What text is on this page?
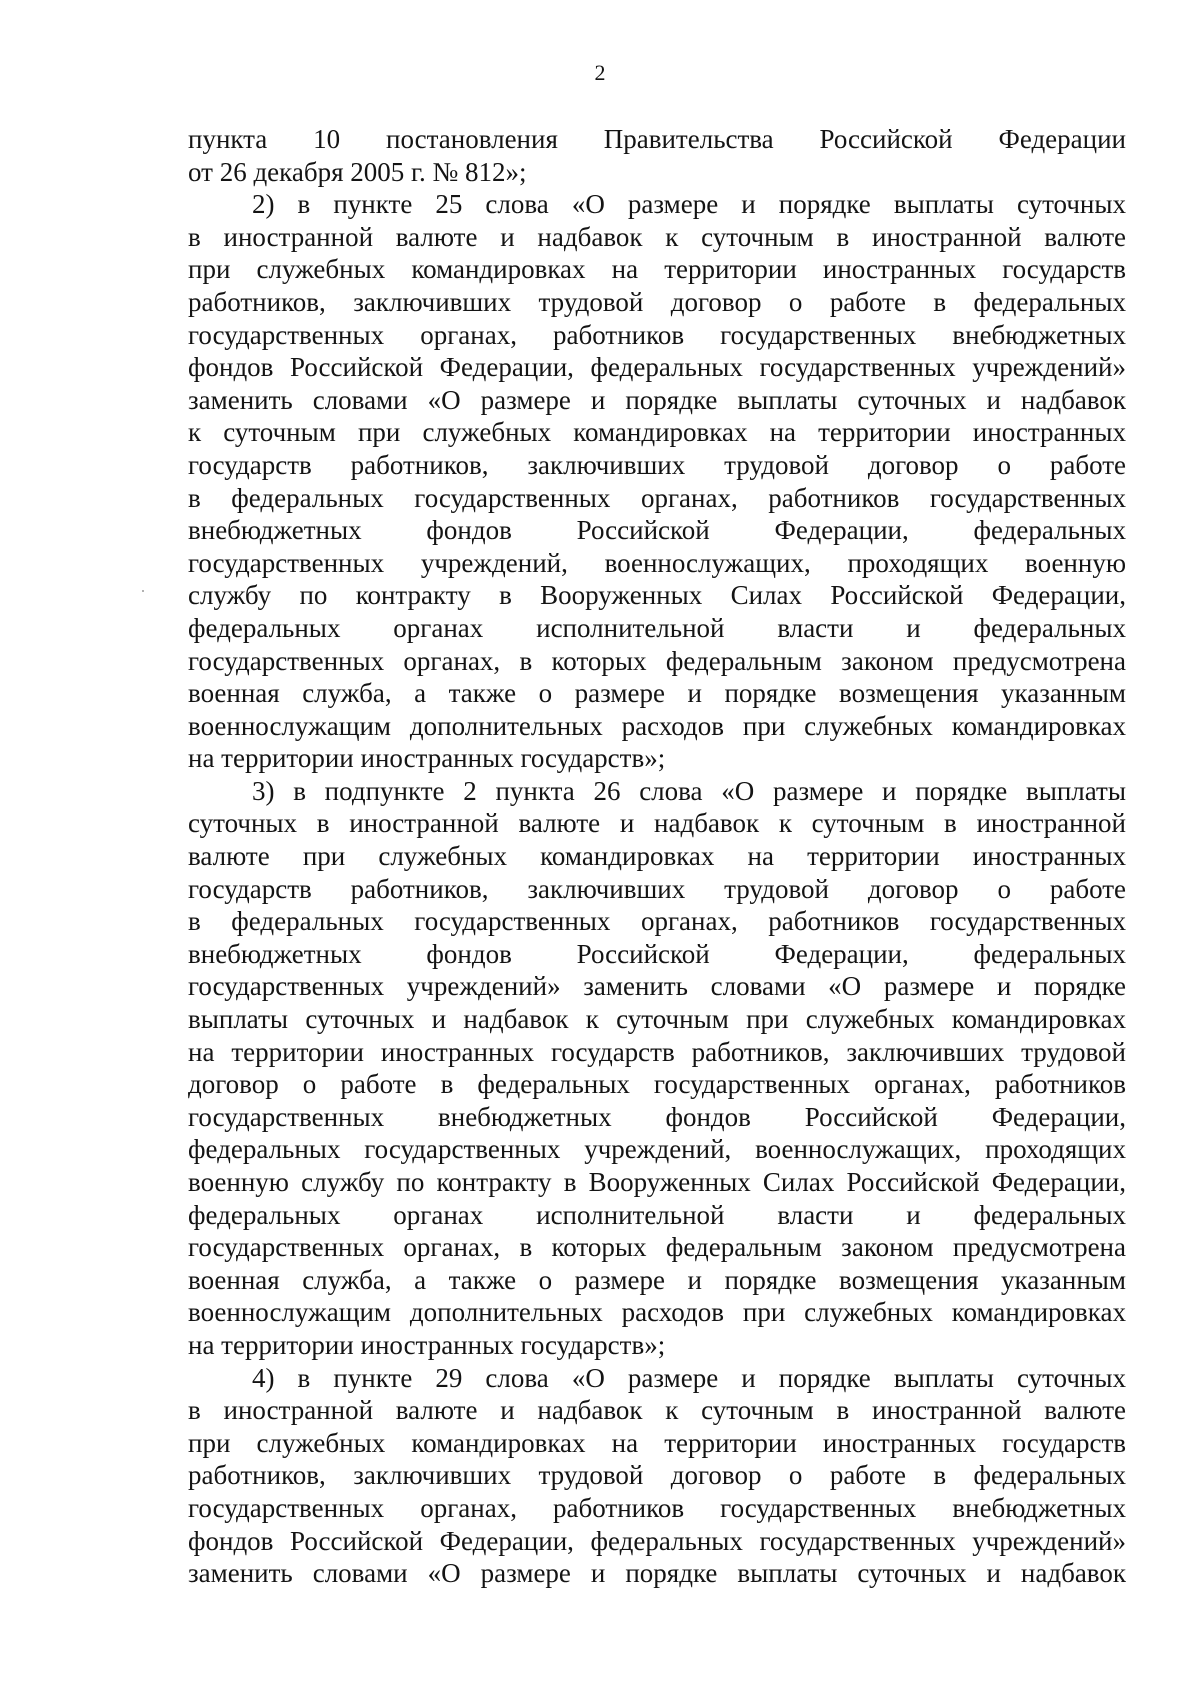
2
пункта 10 постановления Правительства Российской Федерации
от 26 декабря 2005 г. № 812»;
2) в пункте 25 слова «О размере и порядке выплаты суточных
в иностранной валюте и надбавок к суточным в иностранной валюте
при служебных командировках на территории иностранных государств
работников, заключивших трудовой договор о работе в федеральных
государственных органах, работников государственных внебюджетных
фондов Российской Федерации, федеральных государственных учреждений»
заменить словами «О размере и порядке выплаты суточных и надбавок
к суточным при служебных командировках на территории иностранных
государств работников, заключивших трудовой договор о работе
в федеральных государственных органах, работников государственных
внебюджетных фондов Российской Федерации, федеральных
государственных учреждений, военнослужащих, проходящих военную
службу по контракту в Вооруженных Силах Российской Федерации,
федеральных органах исполнительной власти и федеральных
государственных органах, в которых федеральным законом предусмотрена
военная служба, а также о размере и порядке возмещения указанным
военнослужащим дополнительных расходов при служебных командировках
на территории иностранных государств»;
3) в подпункте 2 пункта 26 слова «О размере и порядке выплаты
суточных в иностранной валюте и надбавок к суточным в иностранной
валюте при служебных командировках на территории иностранных
государств работников, заключивших трудовой договор о работе
в федеральных государственных органах, работников государственных
внебюджетных фондов Российской Федерации, федеральных
государственных учреждений» заменить словами «О размере и порядке
выплаты суточных и надбавок к суточным при служебных командировках
на территории иностранных государств работников, заключивших трудовой
договор о работе в федеральных государственных органах, работников
государственных внебюджетных фондов Российской Федерации,
федеральных государственных учреждений, военнослужащих, проходящих
военную службу по контракту в Вооруженных Силах Российской Федерации,
федеральных органах исполнительной власти и федеральных
государственных органах, в которых федеральным законом предусмотрена
военная служба, а также о размере и порядке возмещения указанным
военнослужащим дополнительных расходов при служебных командировках
на территории иностранных государств»;
4) в пункте 29 слова «О размере и порядке выплаты суточных
в иностранной валюте и надбавок к суточным в иностранной валюте
при служебных командировках на территории иностранных государств
работников, заключивших трудовой договор о работе в федеральных
государственных органах, работников государственных внебюджетных
фондов Российской Федерации, федеральных государственных учреждений»
заменить словами «О размере и порядке выплаты суточных и надбавок
